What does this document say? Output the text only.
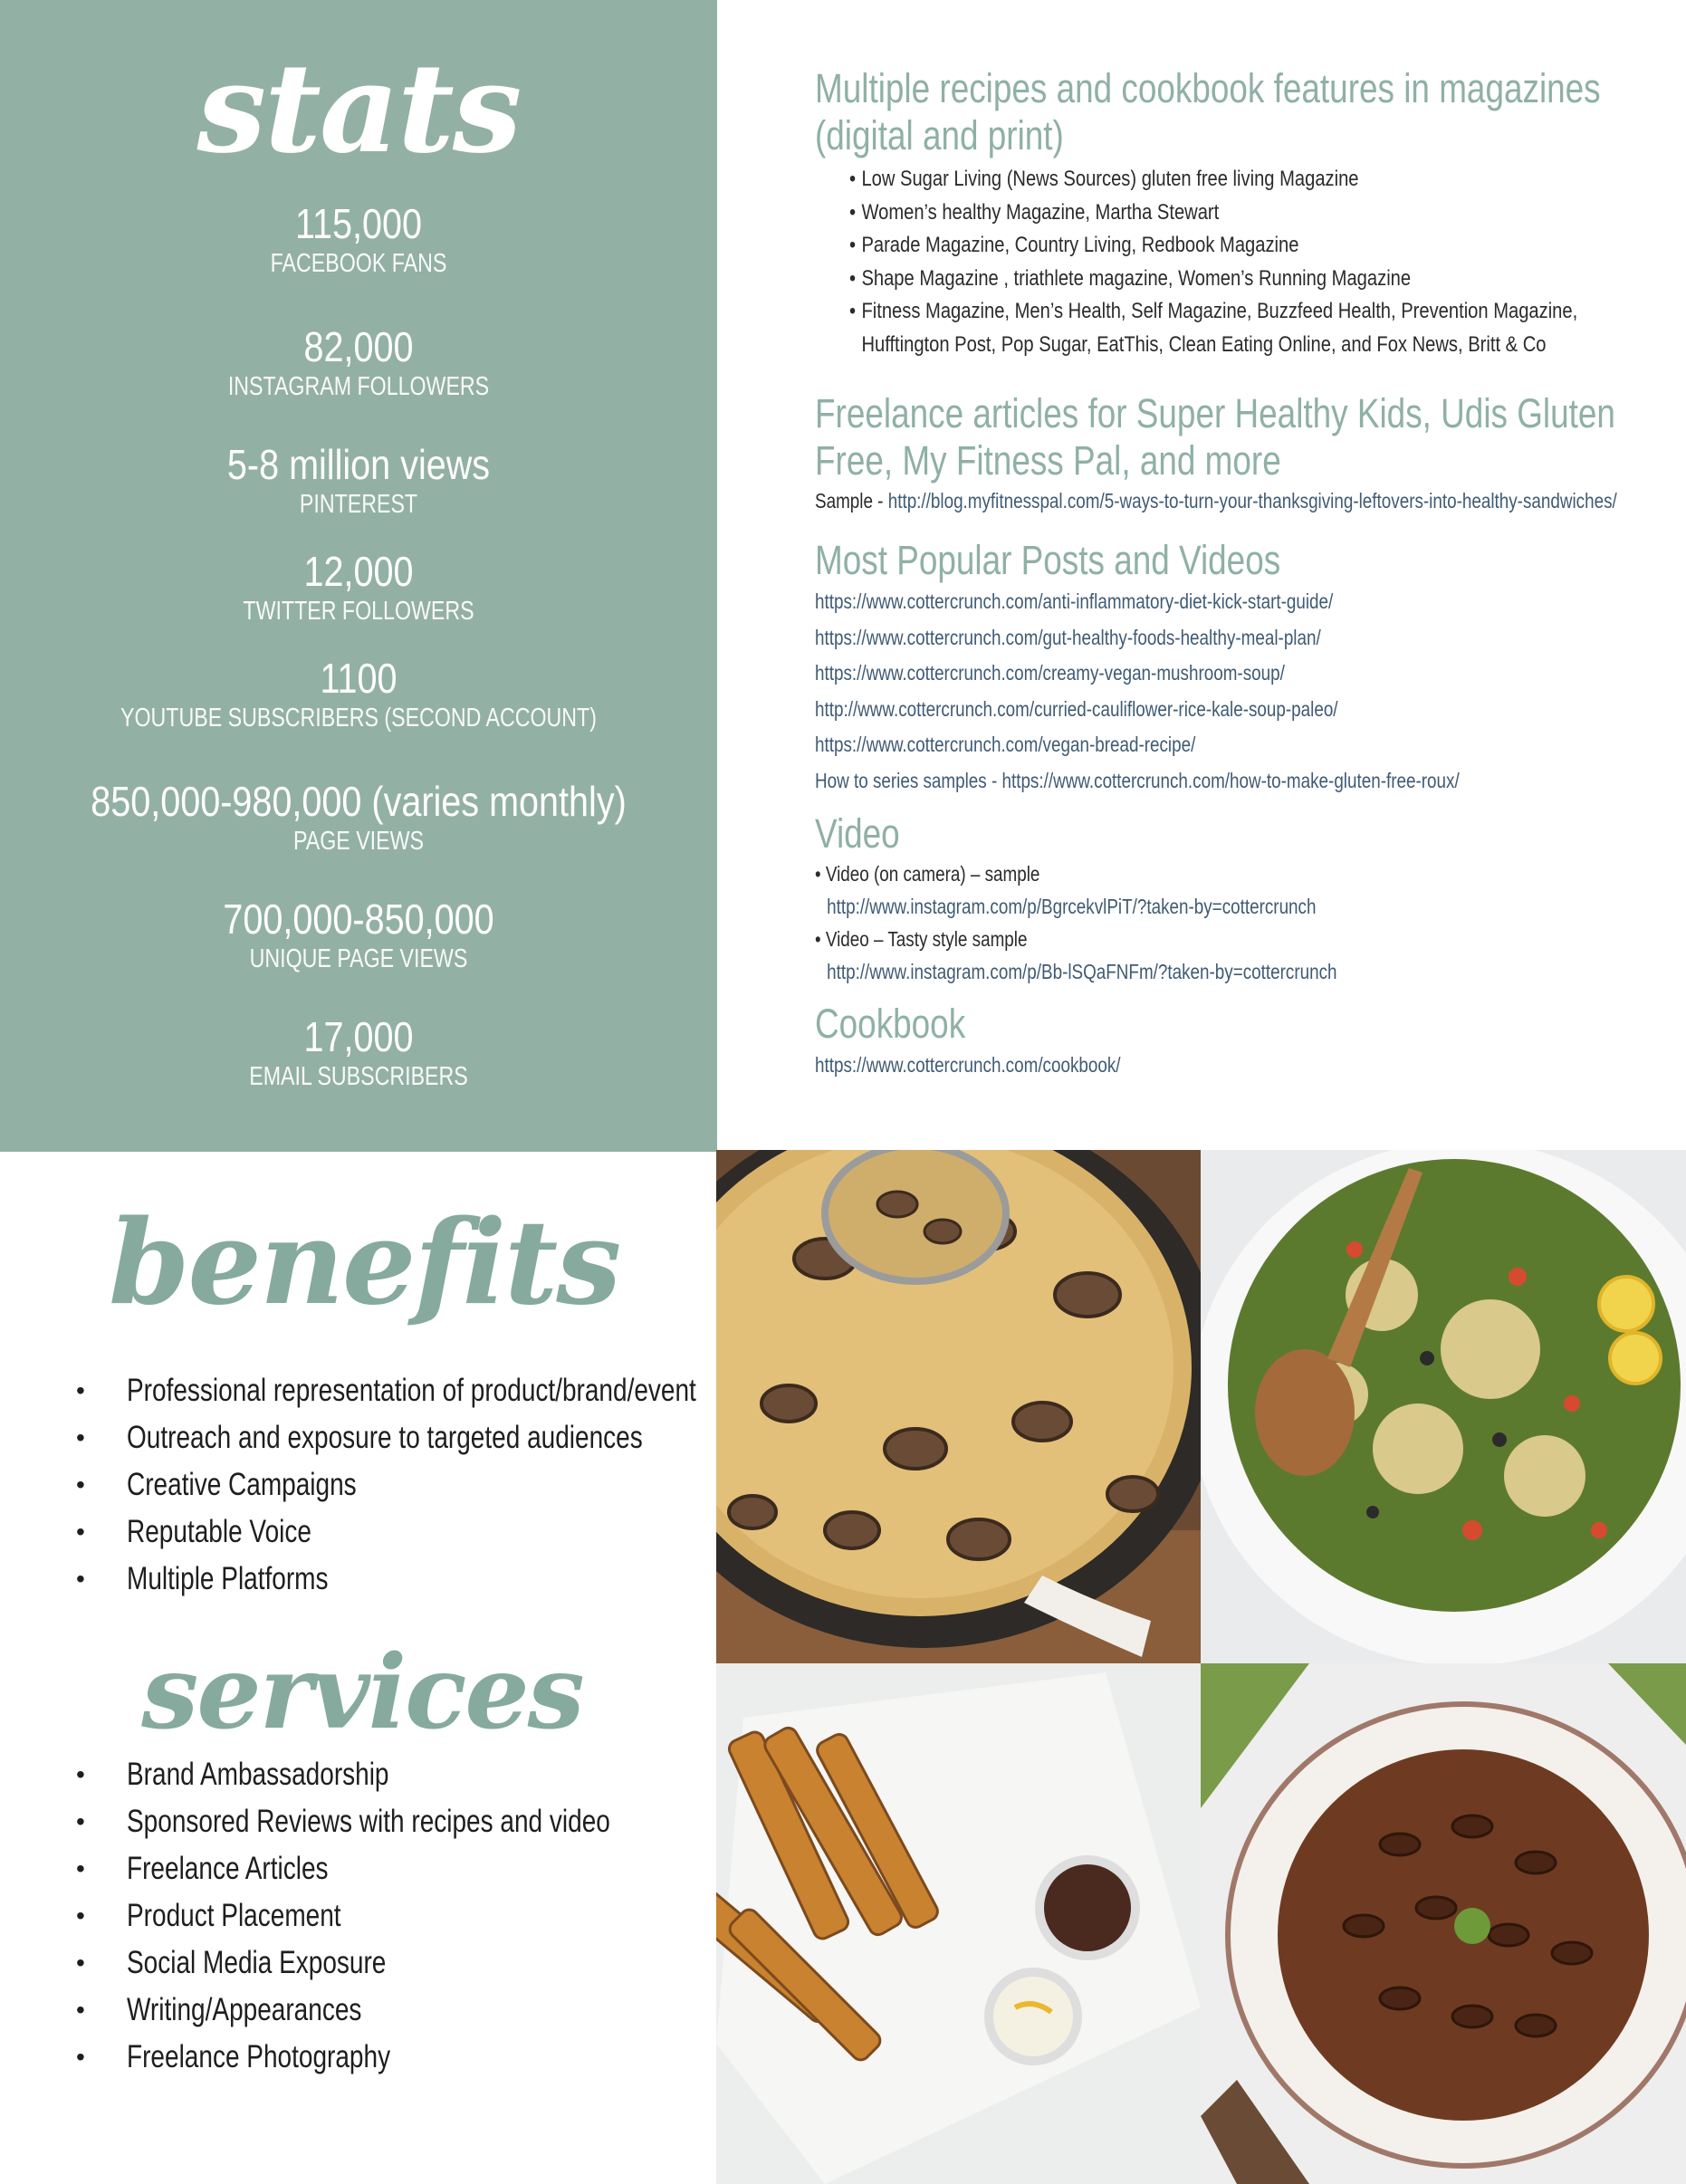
stats
115,000
FACEBOOK FANS
82,000
INSTAGRAM FOLLOWERS
5-8 million views
PINTEREST
12,000
TWITTER FOLLOWERS
1100
YOUTUBE SUBSCRIBERS (SECOND ACCOUNT)
850,000-980,000 (varies monthly)
PAGE VIEWS
700,000-850,000
UNIQUE PAGE VIEWS
17,000
EMAIL SUBSCRIBERS
Multiple recipes and cookbook features in magazines
(digital and print)
• Low Sugar Living (News Sources) gluten free living Magazine
• Women’s healthy Magazine, Martha Stewart
• Parade Magazine, Country Living, Redbook Magazine
• Shape Magazine , triathlete magazine, Women’s Running Magazine
• Fitness Magazine, Men’s Health, Self Magazine, Buzzfeed Health, Prevention Magazine,
Hufftington Post, Pop Sugar, EatThis, Clean Eating Online, and Fox News, Britt & Co
Freelance articles for Super Healthy Kids, Udis Gluten
Free, My Fitness Pal, and more
Sample - http://blog.myfitnesspal.com/5-ways-to-turn-your-thanksgiving-leftovers-into-healthy-sandwiches/
Most Popular Posts and Videos
https://www.cottercrunch.com/anti-inflammatory-diet-kick-start-guide/
https://www.cottercrunch.com/gut-healthy-foods-healthy-meal-plan/
https://www.cottercrunch.com/creamy-vegan-mushroom-soup/
http://www.cottercrunch.com/curried-cauliflower-rice-kale-soup-paleo/
https://www.cottercrunch.com/vegan-bread-recipe/
How to series samples - https://www.cottercrunch.com/how-to-make-gluten-free-roux/
Video
• Video (on camera) – sample
http://www.instagram.com/p/BgrcekvlPiT/?taken-by=cottercrunch
• Video – Tasty style sample
http://www.instagram.com/p/Bb-lSQaFNFm/?taken-by=cottercrunch
Cookbook
https://www.cottercrunch.com/cookbook/
benefits
• Professional representation of product/brand/event
• Outreach and exposure to targeted audiences
• Creative Campaigns
• Reputable Voice
• Multiple Platforms
services
• Brand Ambassadorship
• Sponsored Reviews with recipes and video
• Freelance Articles
• Product Placement
• Social Media Exposure
• Writing/Appearances
• Freelance Photography
